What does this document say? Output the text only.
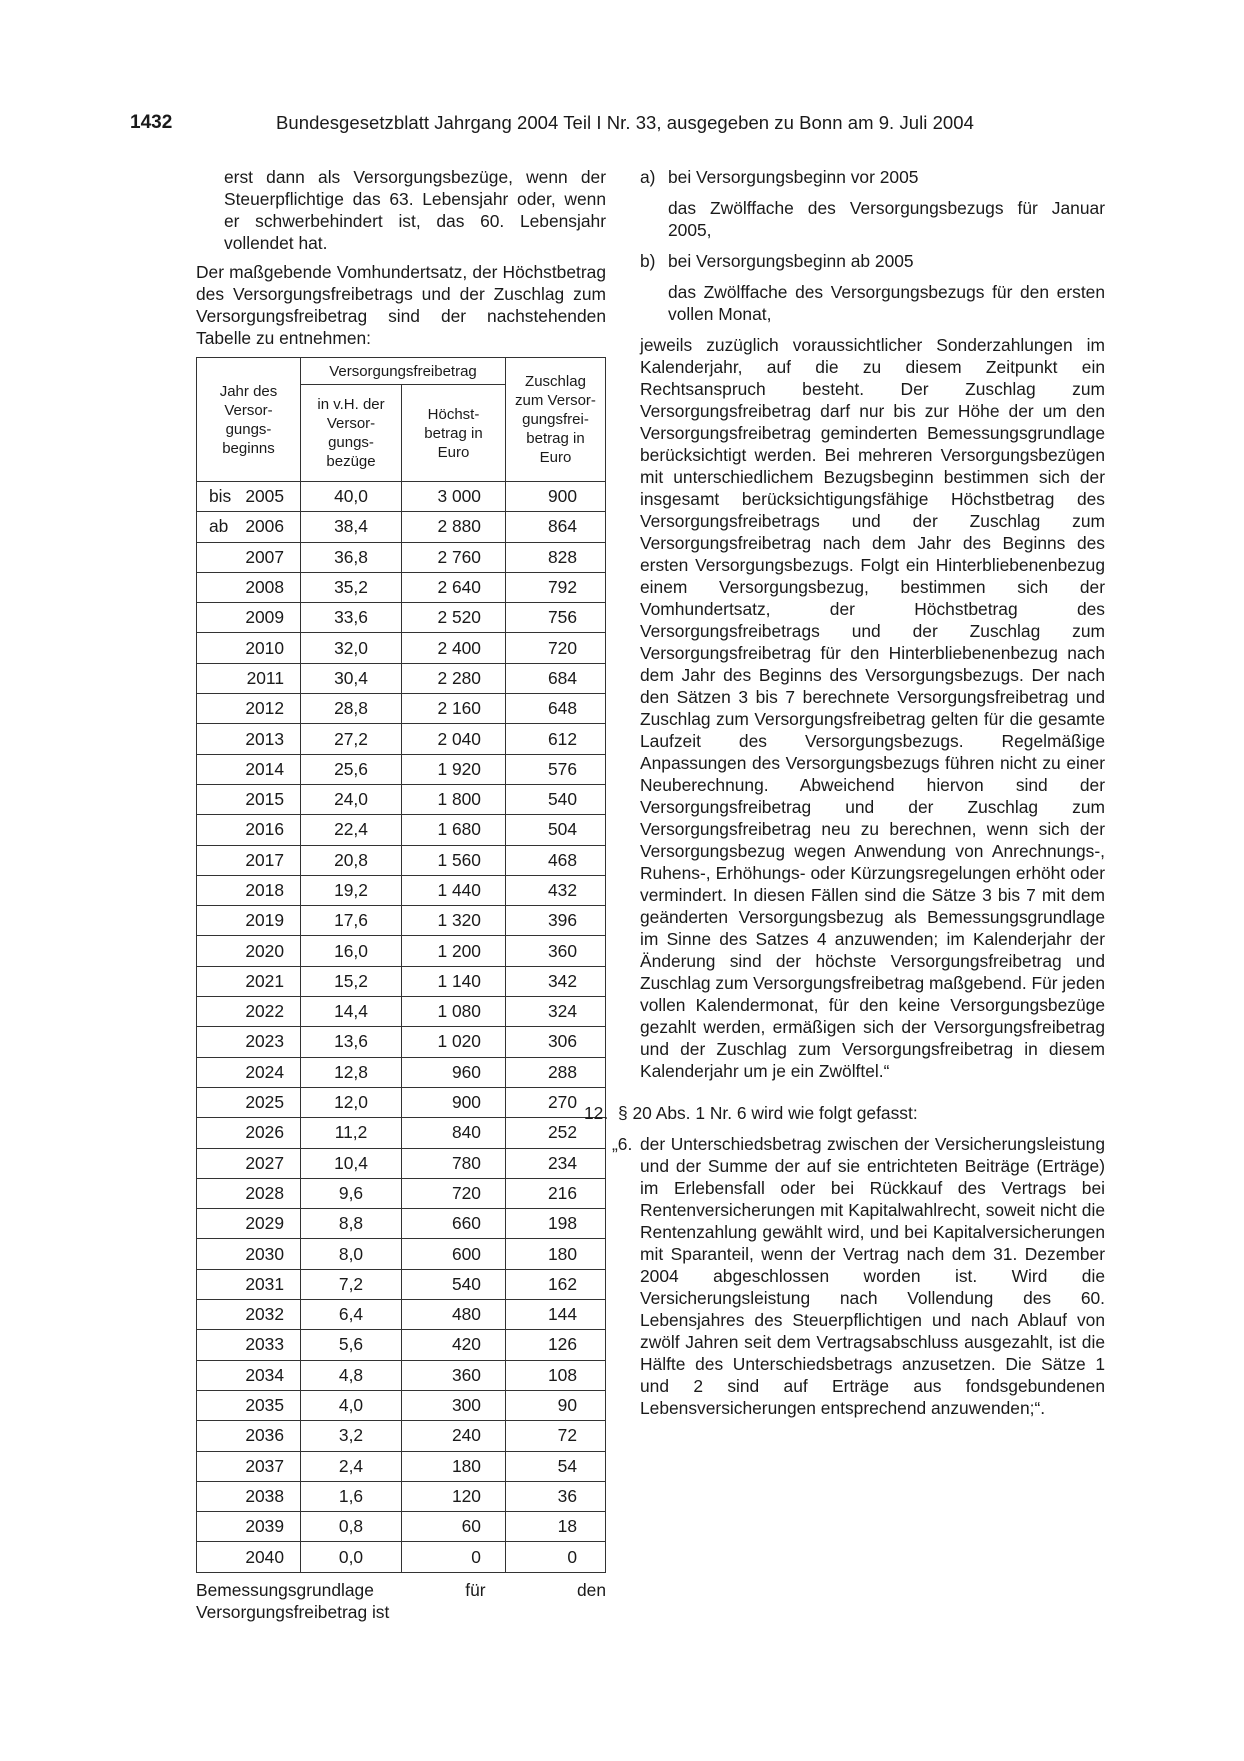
1432	Bundesgesetzblatt Jahrgang 2004 Teil I Nr. 33, ausgegeben zu Bonn am 9. Juli 2004

erst dann als Versorgungsbezüge, wenn der Steuerpflichtige das 63. Lebensjahr oder, wenn er schwerbehindert ist, das 60. Lebensjahr vollendet hat.

Der maßgebende Vomhundertsatz, der Höchstbetrag des Versorgungsfreibetrags und der Zuschlag zum Versorgungsfreibetrag sind der nachstehenden Tabelle zu entnehmen:

Jahr des Versor- gungs- beginns	Versorgungsfreibetrag		Zuschlag zum Versor- gungsfrei- betrag in Euro
	in v.H. der Versor- gungs- bezüge	Höchst- betrag in Euro	

bis 2005	40,0	3 000	900

ab 2006	38,4	2 880	864

2007	36,8	2 760	828

2008	35,2	2 640	792

2009	33,6	2 520	756

2010	32,0	2 400	720

2011	30,4	2 280	684

2012	28,8	2 160	648

2013	27,2	2 040	612

2014	25,6	1 920	576

2015	24,0	1 800	540

2016	22,4	1 680	504

2017	20,8	1 560	468

2018	19,2	1 440	432

2019	17,6	1 320	396

2020	16,0	1 200	360

2021	15,2	1 140	342

2022	14,4	1 080	324

2023	13,6	1 020	306

2024	12,8	960	288

2025	12,0	900	270

2026	11,2	840	252

2027	10,4	780	234

2028	9,6	720	216

2029	8,8	660	198

2030	8,0	600	180

2031	7,2	540	162

2032	6,4	480	144

2033	5,6	420	126

2034	4,8	360	108

2035	4,0	300	90

2036	3,2	240	72

2037	2,4	180	54

2038	1,6	120	36

2039	0,8	60	18

2040	0,0	0	0

Bemessungsgrundlage für den Versorgungsfreibetrag ist

a) bei Versorgungsbeginn vor 2005

das Zwölffache des Versorgungsbezugs für Januar 2005,

b) bei Versorgungsbeginn ab 2005

das Zwölffache des Versorgungsbezugs für den ersten vollen Monat,

jeweils zuzüglich voraussichtlicher Sonderzahlungen im Kalenderjahr, auf die zu diesem Zeitpunkt ein Rechtsanspruch besteht. Der Zuschlag zum Versorgungsfreibetrag darf nur bis zur Höhe der um den Versorgungsfreibetrag geminderten Bemessungsgrundlage berücksichtigt werden. Bei mehreren Versorgungsbezügen mit unterschiedlichem Bezugsbeginn bestimmen sich der insgesamt berücksichtigungsfähige Höchstbetrag des Versorgungsfreibetrags und der Zuschlag zum Versorgungsfreibetrag nach dem Jahr des Beginns des ersten Versorgungsbezugs. Folgt ein Hinterbliebenenbezug einem Versorgungsbezug, bestimmen sich der Vomhundertsatz, der Höchstbetrag des Versorgungsfreibetrags und der Zuschlag zum Versorgungsfreibetrag für den Hinterbliebenenbezug nach dem Jahr des Beginns des Versorgungsbezugs. Der nach den Sätzen 3 bis 7 berechnete Versorgungsfreibetrag und Zuschlag zum Versorgungsfreibetrag gelten für die gesamte Laufzeit des Versorgungsbezugs. Regelmäßige Anpassungen des Versorgungsbezugs führen nicht zu einer Neuberechnung. Abweichend hiervon sind der Versorgungsfreibetrag und der Zuschlag zum Versorgungsfreibetrag neu zu berechnen, wenn sich der Versorgungsbezug wegen Anwendung von Anrechnungs-, Ruhens-, Erhöhungs- oder Kürzungsregelungen erhöht oder vermindert. In diesen Fällen sind die Sätze 3 bis 7 mit dem geänderten Versorgungsbezug als Bemessungsgrundlage im Sinne des Satzes 4 anzuwenden; im Kalenderjahr der Änderung sind der höchste Versorgungsfreibetrag und Zuschlag zum Versorgungsfreibetrag maßgebend. Für jeden vollen Kalendermonat, für den keine Versorgungsbezüge gezahlt werden, ermäßigen sich der Versorgungsfreibetrag und der Zuschlag zum Versorgungsfreibetrag in diesem Kalenderjahr um je ein Zwölftel.“

12. § 20 Abs. 1 Nr. 6 wird wie folgt gefasst:
„6. der Unterschiedsbetrag zwischen der Versicherungsleistung und der Summe der auf sie entrichteten Beiträge (Erträge) im Erlebensfall oder bei Rückkauf des Vertrags bei Rentenversicherungen mit Kapitalwahlrecht, soweit nicht die Rentenzahlung gewählt wird, und bei Kapitalversicherungen mit Sparanteil, wenn der Vertrag nach dem 31. Dezember 2004 abgeschlossen worden ist. Wird die Versicherungsleistung nach Vollendung des 60. Lebensjahres des Steuerpflichtigen und nach Ablauf von zwölf Jahren seit dem Vertragsabschluss ausgezahlt, ist die Hälfte des Unterschiedsbetrags anzusetzen. Die Sätze 1 und 2 sind auf Erträge aus fondsgebundenen Lebensversicherungen entsprechend anzuwenden;“.
